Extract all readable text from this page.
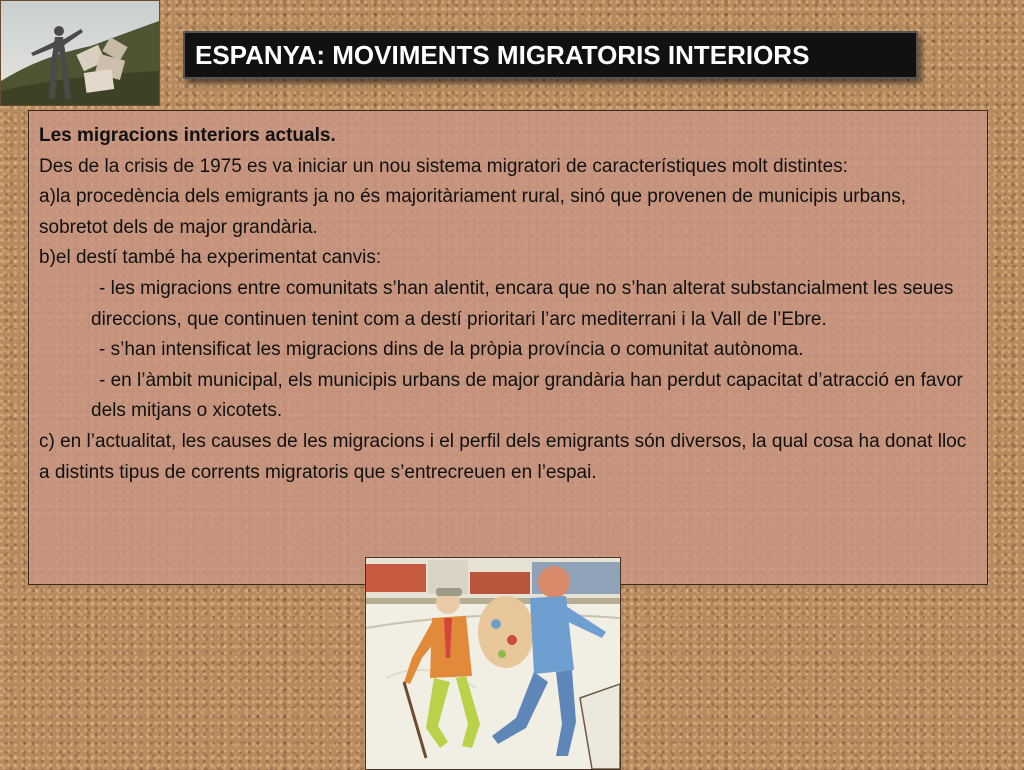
ESPANYA: MOVIMENTS MIGRATORIS INTERIORS

Les migracions interiors actuals.

Des de la crisis de 1975 es va iniciar un nou sistema migratori de característiques molt distintes:

a)la procedència dels emigrants ja no és majoritàriament rural, sinó que provenen de municipis urbans, sobretot dels de major grandària.

b)el destí també ha experimentat canvis:

- les migracions entre comunitats s’han alentit, encara que no s’han alterat substancialment les seues direccions, que continuen tenint com a destí prioritari l’arc mediterrani i la Vall de l’Ebre.

- s’han intensificat les migracions dins de la pròpia província o comunitat autònoma.

- en l’àmbit municipal, els municipis urbans de major grandària han perdut capacitat d’atracció en favor dels mitjans o xicotets.

c) en l’actualitat, les causes de les migracions i el perfil dels emigrants són diversos, la qual cosa ha donat lloc a distints tipus de corrents migratoris que s’entrecreuen en l’espai.
